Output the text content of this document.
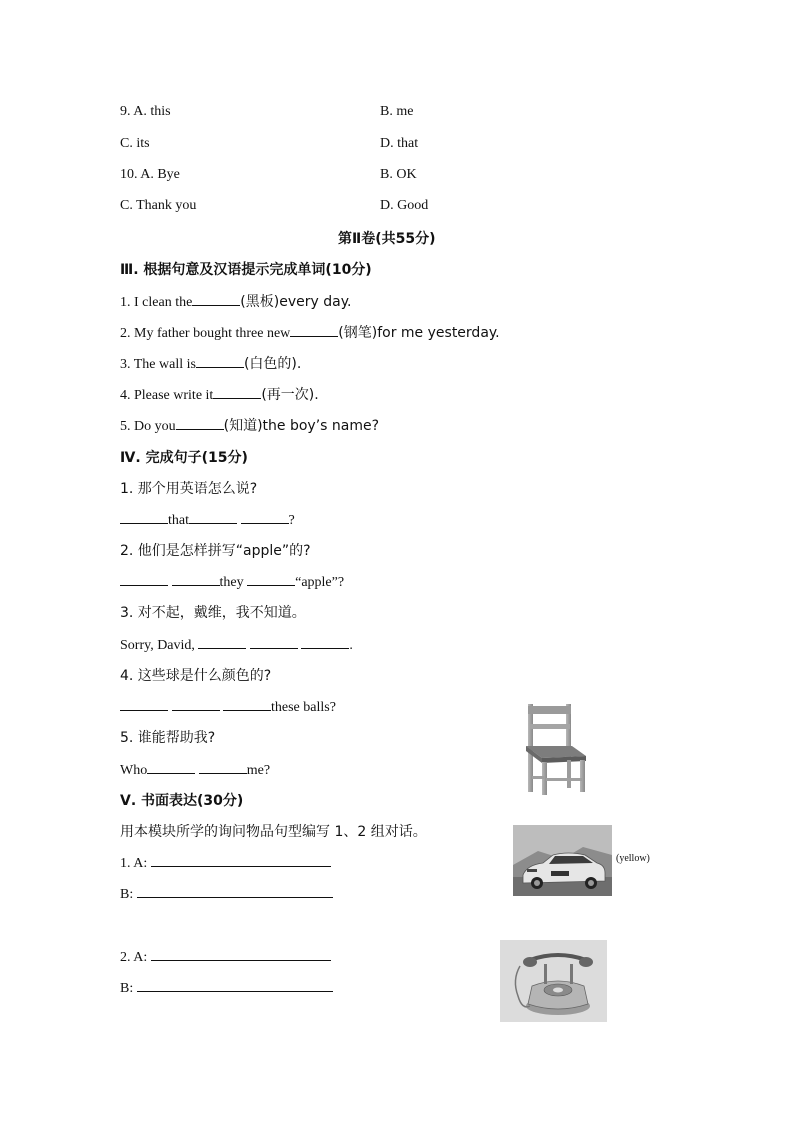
9. A. this	B. me
C. its	D. that
10. A. Bye	B. OK
C. Thank you	D. Good
第Ⅱ卷(共55分)
Ⅲ. 根据句意及汉语提示完成单词(10分)
1. I clean the	(黑板)every day.
2. My father bought three new	(钢笔)for me yesterday.
3. The wall is	(白色的).
4. Please write it	(再一次).
5. Do you	(知道)the boy’s name?
Ⅳ. 完成句子(15分)
1. 那个用英语怎么说?
that	?
2. 他们是怎样拼写“apple”的?
they	“apple”?
3. 对不起，戴维，我不知道。
Sorry, David,	.
4. 这些球是什么颜色的?
these balls?
5. 谁能帮助我?
Who	me?
Ⅴ. 书面表达(30分)
用本模块所学的询问物品句型编写 1、2 组对话。
1. A:
B:
(yellow)
2. A:
B:
